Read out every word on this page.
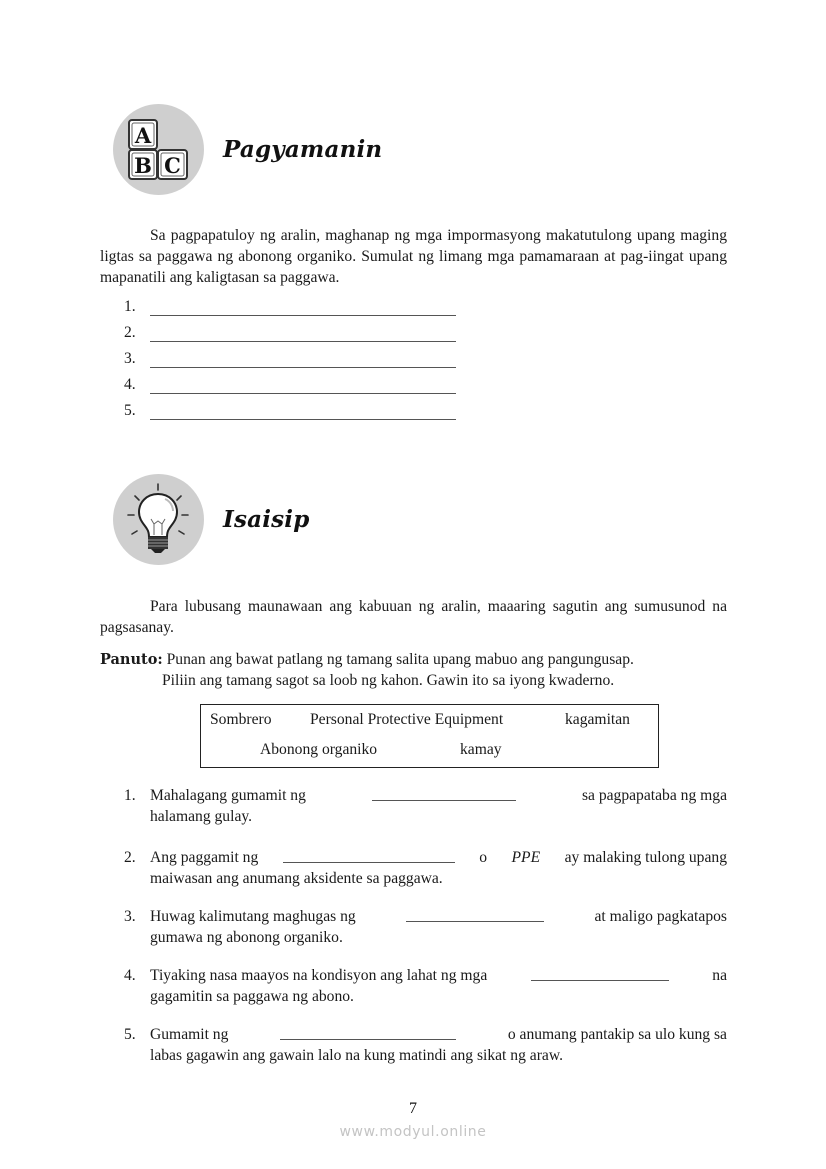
A
B C
Pagyamanin

Sa pagpapatuloy ng aralin, maghanap ng mga impormasyong makatutulong upang maging ligtas sa paggawa ng abonong organiko. Sumulat ng limang mga pamamaraan at pag-iingat upang mapanatili ang kaligtasan sa paggawa.

1.
2.
3.
4.
5.
Isaisip

Para lubusang maunawaan ang kabuuan ng aralin, maaaring sagutin ang sumusunod na pagsasanay.

Panuto: Punan ang bawat patlang ng tamang salita upang mabuo ang pangungusap.
Piliin ang tamang sagot sa loob ng kahon. Gawin ito sa iyong kwaderno.
Sombrero Personal Protective Equipment	kagamitan
Abonong organiko	kamay
1. Mahalagang gumamit ng	sa pagpapataba ng mga
halamang gulay.
2. Ang paggamit ng	o PPE ay malaking tulong upang
maiwasan ang anumang aksidente sa paggawa.
3. Huwag kalimutang maghugas ng	at maligo pagkatapos
gumawa ng abonong organiko.
4. Tiyaking nasa maayos na kondisyon ang lahat ng mga	na
gagamitin sa paggawa ng abono.
5. Gumamit ng	o anumang pantakip sa ulo kung sa
labas gagawin ang gawain lalo na kung matindi ang sikat ng araw.
7
www.modyul.online
